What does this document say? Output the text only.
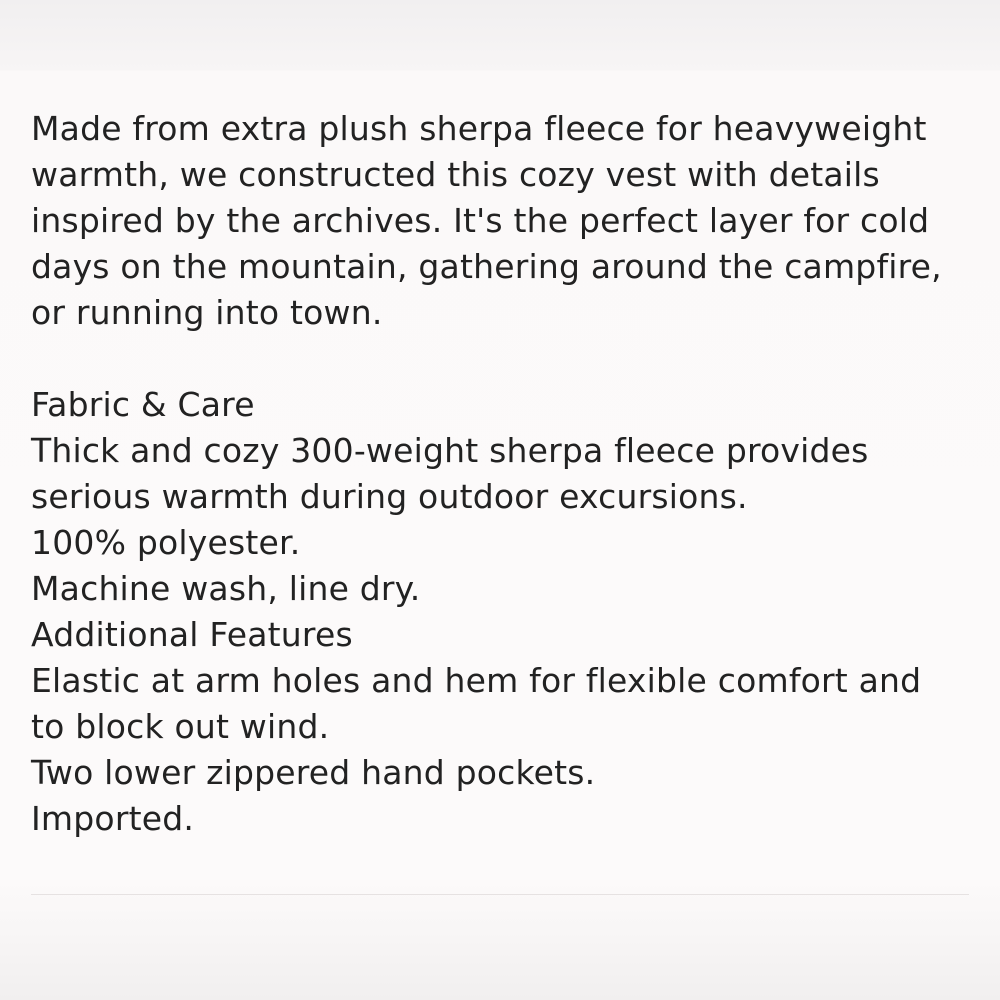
Made from extra plush sherpa fleece for heavyweight

warmth, we constructed this cozy vest with details

inspired by the archives. It's the perfect layer for cold

days on the mountain, gathering around the campfire,

or running into town.

Fabric & Care

Thick and cozy 300-weight sherpa fleece provides

serious warmth during outdoor excursions.

100% polyester.

Machine wash, line dry.

Additional Features

Elastic at arm holes and hem for flexible comfort and

to block out wind.

Two lower zippered hand pockets.

Imported.
